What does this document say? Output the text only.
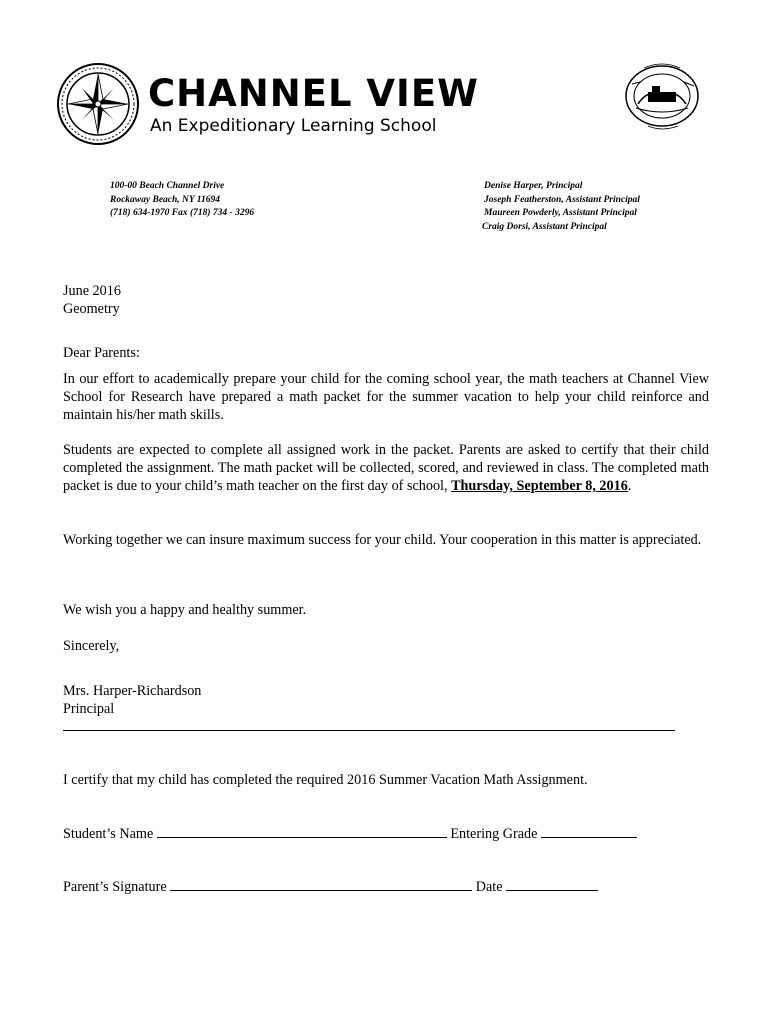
CHANNEL VIEW
An Expeditionary Learning School
100-00 Beach Channel Drive
Rockaway Beach, NY 11694
(718) 634-1970 Fax (718) 734 - 3296
Denise Harper, Principal
Joseph Featherston, Assistant Principal
Maureen Powderly, Assistant Principal
Craig Dorsi, Assistant Principal
June 2016
Geometry
Dear Parents:
In our effort to academically prepare your child for the coming school year, the math teachers at Channel View School for Research have prepared a math packet for the summer vacation to help your child reinforce and maintain his/her math skills.
Students are expected to complete all assigned work in the packet. Parents are asked to certify that their child completed the assignment. The math packet will be collected, scored, and reviewed in class. The completed math packet is due to your child’s math teacher on the first day of school, Thursday, September 8, 2016.
Working together we can insure maximum success for your child. Your cooperation in this matter is appreciated.
We wish you a happy and healthy summer.
Sincerely,
Mrs. Harper-Richardson
Principal
I certify that my child has completed the required 2016 Summer Vacation Math Assignment.
Student’s Name	Entering Grade
Parent’s Signature	Date
